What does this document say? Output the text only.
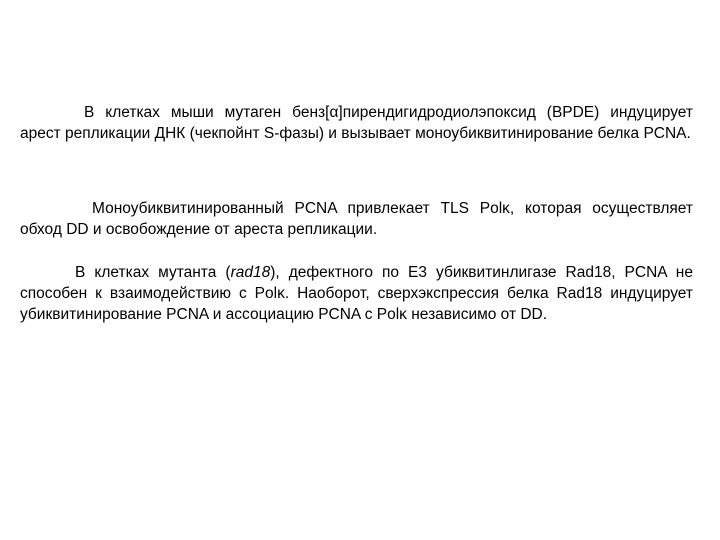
В клетках мыши мутаген бенз[α]пирендигидродиолэпоксид (BPDE) индуцирует арест репликации ДНК (чекпойнт S-фазы) и вызывает моноубиквитинирование белка PCNA.

Моноубиквитинированный PCNA привлекает TLS Polκ, которая осуществляет обход DD и освобождение от ареста репликации.

В клетках мутанта (rad18), дефектного по Е3 убиквитинлигазе Rad18, PCNA не способен к взаимодействию с Polκ. Наоборот, сверхэкспрессия белка Rad18 индуцирует убиквитинирование PCNA и ассоциацию PCNA с Polκ независимо от DD.
